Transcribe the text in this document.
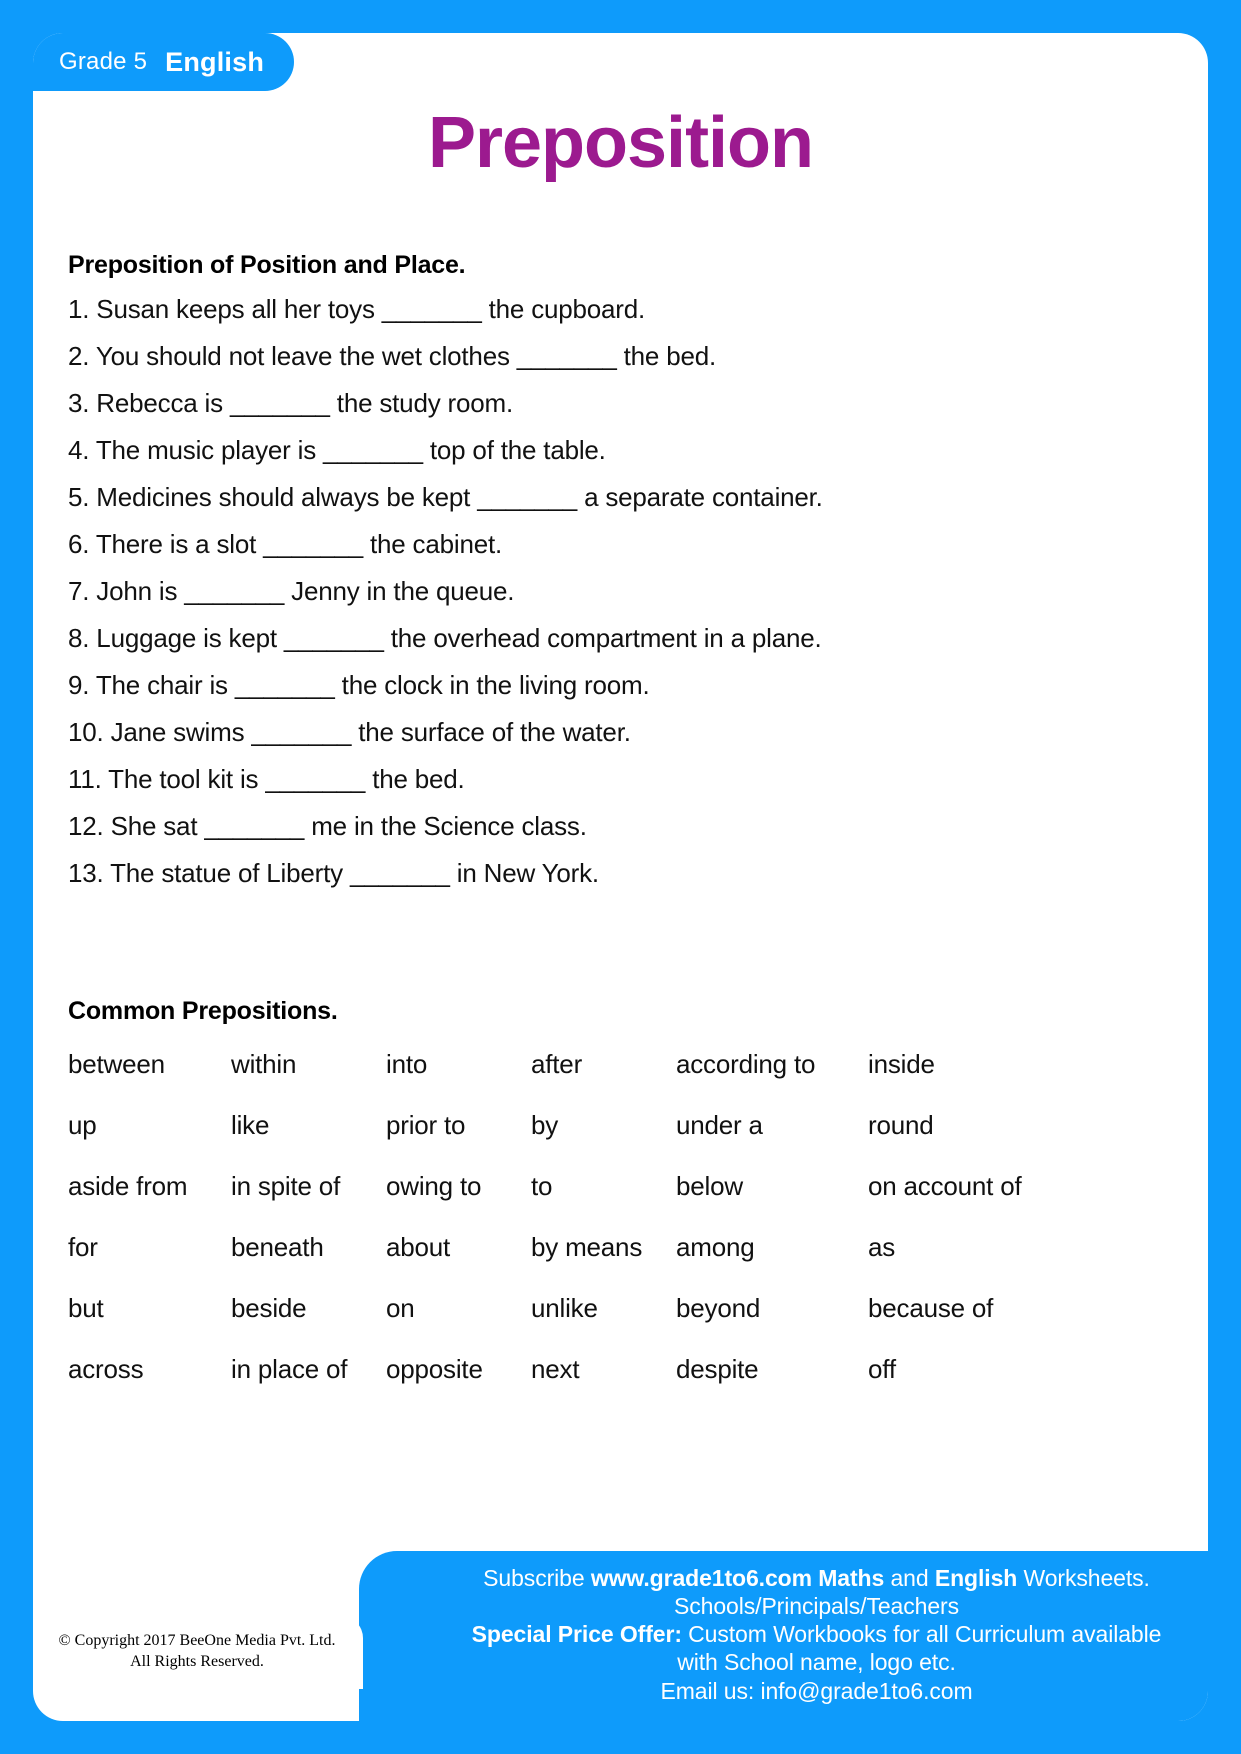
Grade 5 English
Preposition
Preposition of Position and Place.
1. Susan keeps all her toys _______ the cupboard.
2. You should not leave the wet clothes _______ the bed.
3. Rebecca is _______ the study room.
4. The music player is _______ top of the table.
5. Medicines should always be kept _______ a separate container.
6. There is a slot _______ the cabinet.
7. John is _______ Jenny in the queue.
8. Luggage is kept _______ the overhead compartment in a plane.
9. The chair is _______ the clock in the living room.
10. Jane swims _______ the surface of the water.
11. The tool kit is _______ the bed.
12. She sat _______ me in the Science class.
13. The statue of Liberty _______ in New York.
Common Prepositions.
between	within	into	after	according to	inside
up	like	prior to	by	under a	round
aside from	in spite of	owing to	to	below	on account of
for	beneath	about	by means	among	as
but	beside	on	unlike	beyond	because of
across	in place of	opposite	next	despite	off
Subscribe www.grade1to6.com Maths and English Worksheets.
Schools/Principals/Teachers
Special Price Offer: Custom Workbooks for all Curriculum available
with School name, logo etc.
Email us: info@grade1to6.com
© Copyright 2017 BeeOne Media Pvt. Ltd.
All Rights Reserved.
